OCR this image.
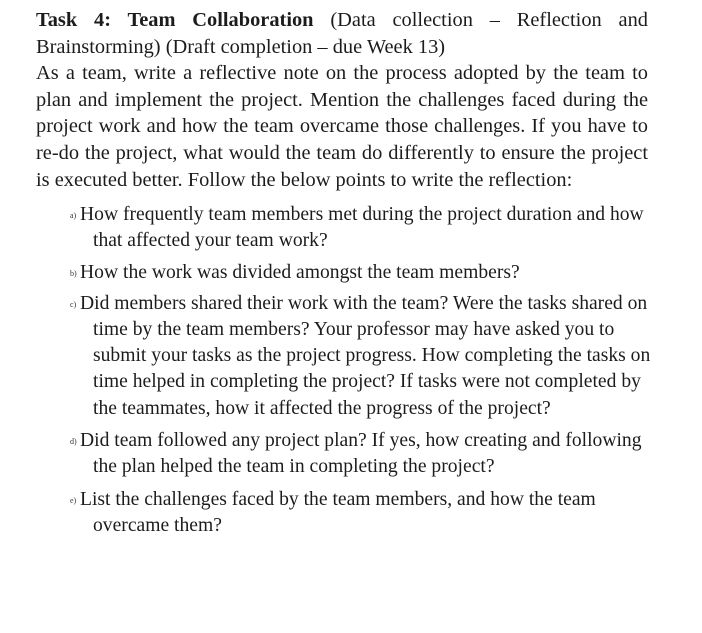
Task 4: Team Collaboration (Data collection – Reflection and Brainstorming) (Draft completion – due Week 13)
As a team, write a reflective note on the process adopted by the team to plan and implement the project. Mention the challenges faced during the project work and how the team overcame those challenges. If you have to re-do the project, what would the team do differently to ensure the project is executed better. Follow the below points to write the reflection:

a) How frequently team members met during the project duration and how that affected your team work?
b) How the work was divided amongst the team members?
c) Did members shared their work with the team? Were the tasks shared on time by the team members? Your professor may have asked you to submit your tasks as the project progress. How completing the tasks on time helped in completing the project? If tasks were not completed by the teammates, how it affected the progress of the project?
d) Did team followed any project plan? If yes, how creating and following the plan helped the team in completing the project?
e) List the challenges faced by the team members, and how the team overcame them?
